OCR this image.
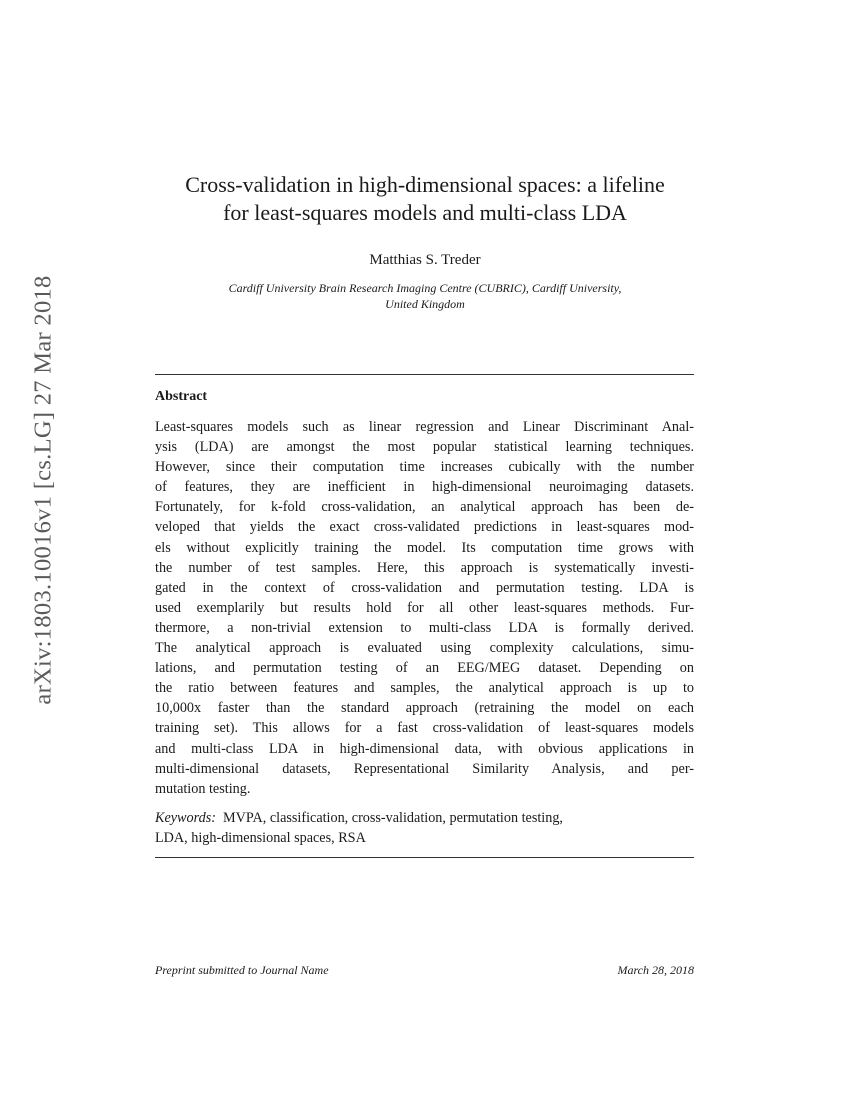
arXiv:1803.10016v1 [cs.LG] 27 Mar 2018
Cross-validation in high-dimensional spaces: a lifeline
for least-squares models and multi-class LDA
Matthias S. Treder
Cardiff University Brain Research Imaging Centre (CUBRIC), Cardiff University,
United Kingdom
Abstract
Least-squares models such as linear regression and Linear Discriminant Anal-
ysis (LDA) are amongst the most popular statistical learning techniques.
However, since their computation time increases cubically with the number
of features, they are inefficient in high-dimensional neuroimaging datasets.
Fortunately, for k-fold cross-validation, an analytical approach has been de-
veloped that yields the exact cross-validated predictions in least-squares mod-
els without explicitly training the model. Its computation time grows with
the number of test samples. Here, this approach is systematically investi-
gated in the context of cross-validation and permutation testing. LDA is
used exemplarily but results hold for all other least-squares methods. Fur-
thermore, a non-trivial extension to multi-class LDA is formally derived.
The analytical approach is evaluated using complexity calculations, simu-
lations, and permutation testing of an EEG/MEG dataset. Depending on
the ratio between features and samples, the analytical approach is up to
10,000x faster than the standard approach (retraining the model on each
training set). This allows for a fast cross-validation of least-squares models
and multi-class LDA in high-dimensional data, with obvious applications in
multi-dimensional datasets, Representational Similarity Analysis, and per-
mutation testing.
Keywords: MVPA, classification, cross-validation, permutation testing,
LDA, high-dimensional spaces, RSA
Preprint submitted to Journal Name	March 28, 2018
